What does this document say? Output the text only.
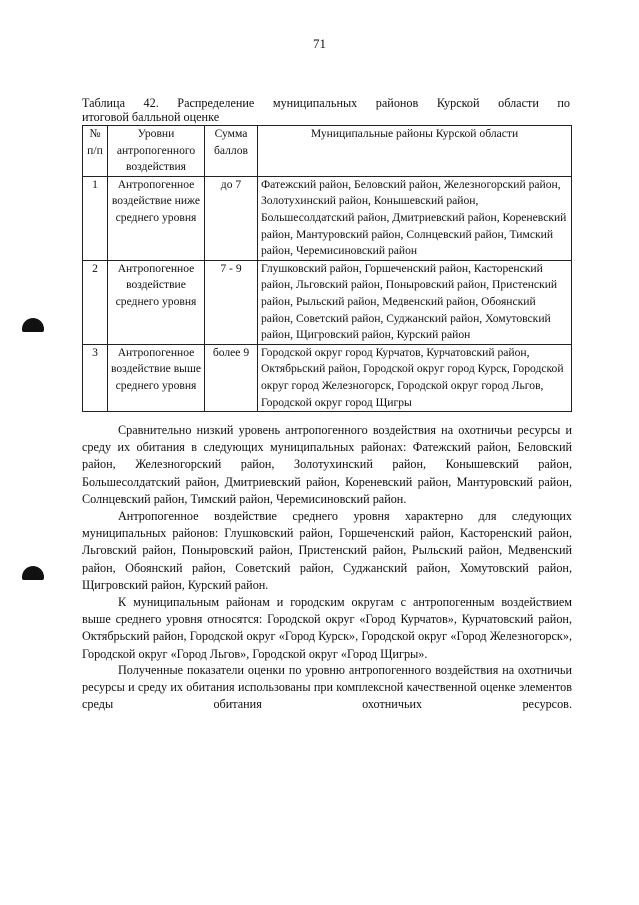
71
Таблица 42. Распределение муниципальных районов Курской области по
итоговой балльной оценке
№ п/п	Уровни антропогенного воздействия	Сумма баллов	Муниципальные районы Курской области
1	Антропогенное воздействие ниже среднего уровня	до 7	Фатежский район, Беловский район, Железногорский район, Золотухинский район, Конышевский район, Большесолдатский район, Дмитриевский район, Кореневский район, Мантуровский район, Солнцевский район, Тимский район, Черемисиновский район
2	Антропогенное воздействие среднего уровня	7 - 9	Глушковский район, Горшеченский район, Касторенский район, Льговский район, Поныровский район, Пристенский район, Рыльский район, Медвенский район, Обоянский район, Советский район, Суджанский район, Хомутовский район, Щигровский район, Курский район
3	Антропогенное воздействие выше среднего уровня	более 9	Городской округ город Курчатов, Курчатовский район, Октябрьский район, Городской округ город Курск, Городской округ город Железногорск, Городской округ город Льгов, Городской округ город Щигры

Сравнительно низкий уровень антропогенного воздействия на охотничьи ресурсы и среду их обитания в следующих муниципальных районах: Фатежский район, Беловский район, Железногорский район, Золотухинский район, Конышевский район, Большесолдатский район, Дмитриевский район, Кореневский район, Мантуровский район, Солнцевский район, Тимский район, Черемисиновский район.

Антропогенное воздействие среднего уровня характерно для следующих муниципальных районов: Глушковский район, Горшеченский район, Касторенский район, Льговский район, Поныровский район, Пристенский район, Рыльский район, Медвенский район, Обоянский район, Советский район, Суджанский район, Хомутовский район, Щигровский район, Курский район.

К муниципальным районам и городским округам с антропогенным воздействием выше среднего уровня относятся: Городской округ «Город Курчатов», Курчатовский район, Октябрьский район, Городской округ «Город Курск», Городской округ «Город Железногорск», Городской округ «Город Льгов», Городской округ «Город Щигры».

Полученные показатели оценки по уровню антропогенного воздействия на охотничьи ресурсы и среду их обитания использованы при комплексной качественной оценке элементов среды обитания охотничьих ресурсов.
